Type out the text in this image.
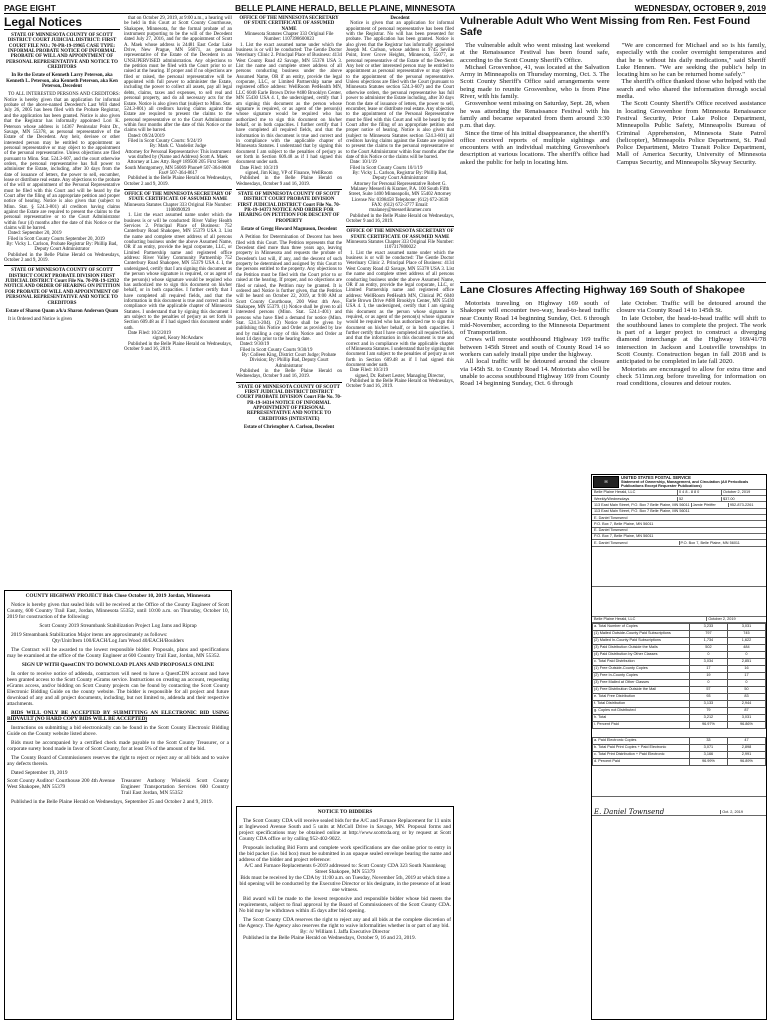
PAGE EIGHT	BELLE PLAINE HERALD, BELLE PLAINE, MINNESOTA	WEDNESDAY, OCTOBER 9, 2019
Legal Notices

STATE OF MINNESOTA COUNTY OF SCOTT DISTRICT COURT JUDICIAL DISTRICT: FIRST COURT FILE NO.: 70-PR-19-19965 CASE TYPE: INFORMAL PROBATE NOTICE OF INFORMAL PROBATE OF WILL AND APPOINTMENT OF PERSONAL REPRESENTATIVE AND NOTICE TO CREDITORS

In Re the Estate of Kenneth Larry Peterson, aka Kenneth L. Peterson, aka Kenneth Peterson, aka Ken Peterson, Decedent

TO ALL INTERESTED PERSONS AND CREDITORS: Notice is hereby given that an application for informal probate of the above-named Decedent's Last Will dated July 26, 2005 has been filed with the Probate Registrar, and the application has been granted. Notice is also given that the Registrar has informally appointed Lori K. Peterson whose address is 14367 Peninsular Point Dr., Savage, MN 55378, as personal representative of the Estate of the Decedent. Any heir, devisee or other interested person may be entitled to appointment as personal representative or may object to the appointment of the personal representative. Unless objections are filed pursuant to Minn. Stat. 524.3-607, and the court otherwise orders, the personal representative has full power to administer the Estate, including, after 30 days from the date of issuance of letters, the power to sell, encumber, lease or distribute real estate. Any objections to the probate of the will or appointment of the Personal Representative must be filed with this Court and will be heard by the Court after the filing of an appropriate petition and proper notice of hearing. Notice is also given that (subject to Minn. Stat. § 524.3-801) all creditors having claims against the Estate are required to present the claims to the personal representative or to the Court Administrator within four (4) months after the date of this Notice or the claims will be barred.

Dated: September 20, 2019

Filed in Scott County Courts September 20, 2019

By: Vicky L. Carlson, Probate Registrar By: Phillip Bad, Deputy Court Administrator

Published in the Belle Plaine Herald on Wednesdays, October 2 and 9, 2019.

STATE OF MINNESOTA COUNTY OF SCOTT DISTRICT COURT PROBATE DIVISION FIRST JUDICIAL DISTRICT Court File No. 70-PR-19-12932 NOTICE AND ORDER OF HEARING ON PETITION FOR PROBATE OF WILL AND APPOINTMENT OF PERSONAL REPRESENTATIVE AND NOTICE TO CREDITORS

Estate of Sharon Quam a/k/a Sharon Anderson Quam

It is Ordered and Notice is given

that on October 29, 2019, at 9:00 a.m., a hearing will be held in this Court at Scott County Courthouse, Shakopee, Minnesota, for the formal probate of an instrument purporting to be the will of the Decedent dated July 27, 2016, and for the appointment of Scott A. Maek whose address is 24481 East Cedar Lake Drive, New Prague, MN 56071, as personal representative of the Estate of the Decedent in an UNSUPERVISED administration. Any objections to the petition must be filed with the Court prior to or raised at the hearing. If proper and if no objections are filed or raised, the personal representative will be appointed with full power to administer the Estate, including the power to collect all assets, pay all legal debts, claims, taxes and expenses, to sell real and personal property, and do all necessary acts for the Estate. Notice is also given that (subject to Minn. Stat. 524.3-801) all creditors having claims against the Estate are required to present the claims to the personal representative or to the Court Administrator within four months after the date of this Notice or the claims will be barred.

Dated: 09/24/2019

Filed in Scott County Courts: 9/24/19

By: Mark C. Vandelist Judge

Attorney for Personal Representative: This instrument was drafted by (Name and Address) Scott A. Maek Attorney at Law Atty. Reg# 189500 205 First Street South Montgomery, MN 56069 Phone# 507-364-8600 Fax# 507-364-8617

Published in the Belle Plaine Herald on Wednesdays, October 2 and 9, 2019.

OFFICE OF THE MINNESOTA SECRETARY OF STATE CERTIFICATE OF ASSUMED NAME

Minnesota Statutes Chapter 333 Original File Number: 1100090929

1. List the exact assumed name under which the business is or will be conducted: River Valley Health Services 2. Principal Place of Business: 752 Canterbury Road Shakopee, MN 55379 USA 3. List the name and complete street address of all persons conducting business under the above Assumed Name, OR if an entity, provide the legal corporate, LLC, or Limited Partnership name and registered office address: River Valley Community Partnership 752 Canterbury Road Shakopee, MN 55379 USA 4. I, the undersigned, certify that I am signing this document as the person whose signature is required, or as agent of the person(s) whose signature would be required who has authorized me to sign this document on his/her behalf, or in both capacities. I further certify that I have completed all required fields, and that the information in this document is true and correct and in compliance with the applicable chapter of Minnesota Statutes. I understand that by signing this document I am subject to the penalties of perjury as set forth in Section 609.48 as if I had signed this document under oath.

Date Filed: 10/2/2019

signed, Keary McAndarw

Published in the Belle Plaine Herald on Wednesdays, October 9 and 16, 2019.

OFFICE OF THE MINNESOTA SECRETARY OF STATE CERTIFICATE OF ASSUMED NAME

Minnesota Statutes Chapter 333 Original File Number: 1107398600023

1. List the exact assumed name under which the business is or will be conducted: The Gentle Doctor Veterinary Clinic 2. Principal Place of Business: 4134 West County Road 42 Savage, MN 55378 USA 3. List the name and complete street address of all persons conducting business under the above Assumed Name, OR if an entity, provide the legal corporate, LLC, or Limited Partnership name and registered office address: WellRoom PetHealth MN, LLC 6040 Earle Brown Drive #480 Brooklyn Center, MN 55430 USA 4. I, the undersigned, certify that I am signing this document as the person whose signature is required, or as agent of the person(s) whose signature would be required who has authorized me to sign this document on his/her behalf, or in both capacities. I further certify that I have completed all required fields, and that the information in this document is true and correct and in compliance with the applicable chapter of Minnesota Statutes. I understand that by signing this document I am subject to the penalties of perjury as set forth in Section 609.48 as if I had signed this document under oath.

Date Filed: 10/3/19

signed, Jim King, VP of Finance, WellRoom

Published in the Belle Plaine Herald on Wednesdays, October 9 and 16, 2019.

STATE OF MINNESOTA COUNTY OF SCOTT DISTRICT COURT PROBATE DIVISION FIRST JUDICIAL DISTRICT Court File No. 70-PR-19-14373 NOTICE AND ORDER FOR HEARING ON PETITION FOR DESCENT OF PROPERTY

Estate of Gregg Howard Magnuson, Decedent

A Petition for Determination of Descent has been filed with this Court. The Petition represents that the Decedent died more than three years ago, leaving property in Minnesota and requests the probate of Decedent's last will, if any, and the descent of such property be determined and assigned by this Court to the persons entitled to the property. Any objections to the Petition must be filed with the Court prior to or raised at the hearing. If proper, and no objections are filed or raised, the Petition may be granted. It is ordered and Notice is further given, that the Petition will be heard on October 22, 2019, at 9:00 AM at Scott County Courthouse, 200 West 4th Ave., Shakopee, MN 55379. (1) Notice shall be given to all interested persons (Minn. Stat. 524.1-401) and persons who have filed a demand for notice (Minn. Stat. 524.3-204). (2) Notice shall be given by publishing this Notice and Order as provided by law and by mailing a copy of this Notice and Order at least 14 days prior to the hearing date.

Dated: 9/30/19

Filed in Scott County Courts 9/30/19

By: Colleen King, District Court Judge; Probate Division; By: Phillip Bad, Deputy Court Administrator

Published in the Belle Plaine Herald on Wednesdays, October 9 and 16, 2019.

STATE OF MINNESOTA COUNTY OF SCOTT FIRST JUDICIAL DISTRICT DISTRICT COURT PROBATE DIVISION Court File No. 70-PR-19-14314 NOTICE OF INFORMAL APPOINTMENT OF PERSONAL REPRESENTATIVE AND NOTICE TO CREDITORS (INTESTATE)

Estate of Christopher A. Carlson, Decedent

Decedent

Notice is given that an application for informal appointment of personal representative has been filed with the Registrar. No will has been presented for probate. The application has been granted. Notice is also given that the Registrar has informally appointed Joseph M. Carlson, whose address is 9745 Seville Point, Inver Grove Heights, Minnesota, 55077, as personal representative of the Estate of the Decedent. Any heir or other interested person may be entitled to appointment as personal representative or may object to the appointment of the personal representative. Unless objections are filed with the Court (pursuant to Minnesota Statutes section 524.3-607) and the Court otherwise orders, the personal representative has full power to administer the Estate including, after 30 days from the date of issuance of letters, the power to sell, encumber, lease or distribute real estate. Any objection to the appointment of the Personal Representative must be filed with this Court and will be heard by the Court after the filing of an appropriate petition and proper notice of hearing. Notice is also given that (subject to Minnesota Statutes section 524.3-801) all creditors having claims against the Estate are required to present the claims to the personal representative or to the Court Administrator within four months after the date of this Notice or the claims will be barred.

Date: 10/1/19

Filed in Scott County Courts 10/1/19

By: Vicky L. Carlson, Registrar By: Phillip Bad, Deputy Court Administrator

Attorney for Personal Representative Robert G. Malaney Messerli & Kramer, P.A. 100 South Fifth Street, Suite 1400 Minneapolis, MN 55402 Attorney License No: 0398458 Telephone: (612) 672-3639 FAX: (612) 672-3777 Email: rmalaney@messerlikramer.com

Published in the Belle Plaine Herald on Wednesdays, October 9 and 16, 2019.

OFFICE OF THE MINNESOTA SECRETARY OF STATE CERTIFICATE OF ASSUMED NAME

Minnesota Statutes Chapter 333 Original File Number: 1107317800022

1. List the exact assumed name under which the business is or will be conducted: The Gentle Doctor Veterinary Clinic 2. Principal Place of Business: 4134 West County Road 42 Savage, MN 55378 USA 3. List the name and complete street address of all persons conducting business under the above Assumed Name, OR if an entity, provide the legal corporate, LLC, or Limited Partnership name and registered office address: WellRoom PetHealth MN, Clinical PC 6040 Earle Brown Drive #480 Brooklyn Center, MN 55430 USA 4. I, the undersigned, certify that I am signing this document as the person whose signature is required, or as agent of the person(s) whose signature would be required who has authorized me to sign this document on his/her behalf, or in both capacities. I further certify that I have completed all required fields, and that the information in this document is true and correct and in compliance with the applicable chapter of Minnesota Statutes. I understand that by signing this document I am subject to the penalties of perjury as set forth in Section 609.48 as if I had signed this document under oath.

Date Filed: 10/3/19

signed, Dr. Robert Lester, Managing Director,

Published in the Belle Plaine Herald on Wednesdays, October 9 and 16, 2019.

COUNTY HIGHWAY PROJECT Bids Close October 10, 2019 Jordan, Minnesota

Notice is hereby given that sealed bids will be received at the Office of the County Engineer of Scott County, 600 Country Trail East, Jordan, Minnesota 55352, until 10:00 a.m. on Thursday, October 10, 2019 for construction of the following:

Scott County 2019 Streambank Stabilization Project Log Jams and Riprap

2019 Streambank Stabilization Major items are approximately as follows:

Qty/Unit/Item 100/EACH/Log Jam Wood 40/EACH/Boulders

The Contract will be awarded to the lowest responsible bidder. Proposals, plans and specifications may be examined at the office of the County Engineer at 600 Country Trail East, Jordan, MN 55352.

SIGN UP WITH QuestCDN TO DOWNLOAD PLANS AND PROPOSALS ONLINE

In order to receive notice of addenda, contractors will need to have a QuestCDN account and have been granted access to the Scott County eGrams service. Instructions on creating an account, requesting eGrams access, and/or bidding on Scott County projects can be found by contacting the Scott County Electronic Bidding Guide on the county website. The bidder is responsible for all project and future download of any and all project documents, including, but not limited to, addenda and their respective attachments.

BIDS WILL ONLY BE ACCEPTED BY SUBMITTING AN ELECTRONIC BID USING BIDVAULT (NO HARD COPY BIDS WILL BE ACCEPTED)

Instructions on submitting a bid electronically can be found in the Scott County Electronic Bidding Guide on the County website listed above.

Bids must be accompanied by a certified check made payable to the Scott County Treasurer, or a corporate surety bond made in favor of Scott County, for at least 5% of the amount of the bid.

The County Board of Commissioners reserves the right to reject or reject any or all bids and to waive any defects therein.

Dated September 19, 2019

Scott County Auditor/ Courthouse 200 4th Avenue West Shakopee, MN 55379

Treasurer Anthony Winiecki Scott County Engineer Transportation Services 600 Country Trail East Jordan, MN 55352

Published in the Belle Plaine Herald on Wednesdays, September 25 and October 2 and 9, 2019.

NOTICE TO BIDDERS

The Scott County CDA will receive sealed bids for the A/C and Furnace Replacement for 11 units at Inglewood Avenue South and 5 units at McColl Drive in Savage, MN. Proposal forms and project specifications may be obtained online at http://www.scottcda.org or by request at Scott County CDA office or by calling 952-402-9022.

Proposals including Bid Form and complete work specifications are due online prior to entry in the bid packet (i.e. bid box) must be submitted in an opaque sealed envelope bearing the name and address of the bidder and project reference:

A/C and Furnace Replacements 6-2019 addressed to: Scott County CDA 323 South Naumkeag Street Shakopee, MN 55379

Bids must be received by the CDA by 11:00 a.m. on Tuesday, November 5th, 2019 at which time a bid opening will be conducted by the Executive Director or his designate, in the presence of at least one witness.

Bid award will be made to the lowest responsive and responsible bidder whose bid meets the requirements, subject to final approval by the Board of Commissioners of the Scott County CDA. No bid may be withdrawn within 45 days after bid opening.

The Scott County CDA reserves the right to reject any and all bids at the complete discretion of the Agency. The Agency also reserves the right to waive informalities whether in or part of any bid.

By: /s/ William I. Jaffa Executive Director

Published in the Belle Plaine Herald on Wednesdays, October 9, 16 and 23, 2019.

Vulnerable Adult Who Went Missing from Ren. Fest Found Safe

The vulnerable adult who went missing last weekend at the Renaissance Festival has been found safe, according to the Scott County Sheriff's Office.

Michael Grosvenhoe, 41, was located at the Salvation Army in Minneapolis on Thursday morning, Oct. 3. The Scott County Sheriff's Office said arrangements were being made to reunite Grosvenhoe, who is from Pine River, with his family.

Grosvenhoe went missing on Saturday, Sept. 28, when he was attending the Renaissance Festival with his family and became separated from them around 3:30 p.m. that day.

Since the time of his initial disappearance, the sheriff's office received reports of multiple sightings and encounters with an individual matching Grosvenhoe's description at various locations. The sheriff's office had asked the public for help in locating him.

"We are concerned for Michael and so is his family, especially with the cooler overnight temperatures and that he is without his daily medications," said Sheriff Luke Hennen. "We are seeking the public's help in locating him so he can be returned home safely."

The sheriff's office thanked those who helped with the search and who shared the information through social media.

The Scott County Sheriff's Office received assistance in locating Grosvenhoe from Minnesota Renaissance Festival Security, Prior Lake Police Department, Minneapolis Public Safety, Minneapolis Bureau of Criminal Apprehension, Minnesota State Patrol (helicopter), Minneapolis Police Department, St. Paul Police Department, Metro Transit Police Department, Mall of America Security, University of Minnesota Campus Security, and Minneapolis Skyway Security.

Lane Closures Affecting Highway 169 South of Shakopee

Motorists traveling on Highway 169 south of Shakopee will encounter two-way, head-to-head traffic near County Road 14 beginning Sunday, Oct. 6 through mid-November, according to the Minnesota Department of Transportation.

Crews will reroute southbound Highway 169 traffic between 145th Street and south of County Road 14 so workers can safely install pipe under the highway.

All local traffic will be detoured around the closure via 145th St. to County Road 14. Motorists also will be unable to access southbound Highway 169 from County Road 14 beginning Sunday, Oct. 6 through

late October. Traffic will be detoured around the closure via County Road 14 to 145th St.

In late October, the head-to-head traffic will shift to the southbound lanes to complete the project. The work is part of a larger project to construct a diverging diamond interchange at the Highway 169/41/78 intersection in Jackson and Louisville townships in Scott County. Construction began in fall 2018 and is anticipated to be completed in late fall 2020.

Motorists are encouraged to allow for extra time and check 511mn.org before traveling for information on road conditions, closures and detour routes.

✉
UNITED STATES POSTAL SERVICE
Statement of Ownership, Management, and Circulation (All Periodicals Publications Except Requester Publications)
Belle Plaine Herald, LLC	0 4 8 - 8 8 0	October 2, 2019
Weekly/Wednesdays	52	$37.00
113 East Main Street, P.O. Box 7 Belle Plaine, MN 56011 Jamie Pfeiffer	952-873-2261
113 East Main Street, P.O. Box 7 Belle Plaine, MN 56011
E. Daniel Townsend
P.O. Box 7, Belle Plaine, MN 56011
E. Daniel Townsend
P.O. Box 7, Belle Plaine, MN 56011
E. Daniel Townsend	P.O. Box 7, Belle Plaine, MN 56011
Belle Plaine Herald, LLC	October 2, 2019
a. Total Number of Copies	3,233	3,031
(1) Mailed Outside-County Paid Subscriptions	797	745
(2) Mailed In-County Paid Subscriptions	1,734	1,622
(3) Paid Distribution Outside the Mails	502	484
(4) Paid Distribution by Other Classes	0	0
c. Total Paid Distribution	3,034	2,851
(1) Free Outside-County Copies	17	16
(2) Free In-County Copies	19	17
(3) Free Mailed at Other Classes	0	0
(4) Free Distribution Outside the Mail	57	50
e. Total Free Distribution	93	83
f. Total Distribution	3,133	2,944
g. Copies not Distributed	79	87
h. Total	3,212	3,031
i. Percent Paid	96.97%	96.86%
a. Paid Electronic Copies	33	47
b. Total Paid Print Copies + Paid Electronic	3,071	2,898
c. Total Print Distribution + Paid Electronic	3,166	2,991
d. Percent Paid	96.99%	96.89%
E. Daniel Townsend	Oct. 2, 2019
